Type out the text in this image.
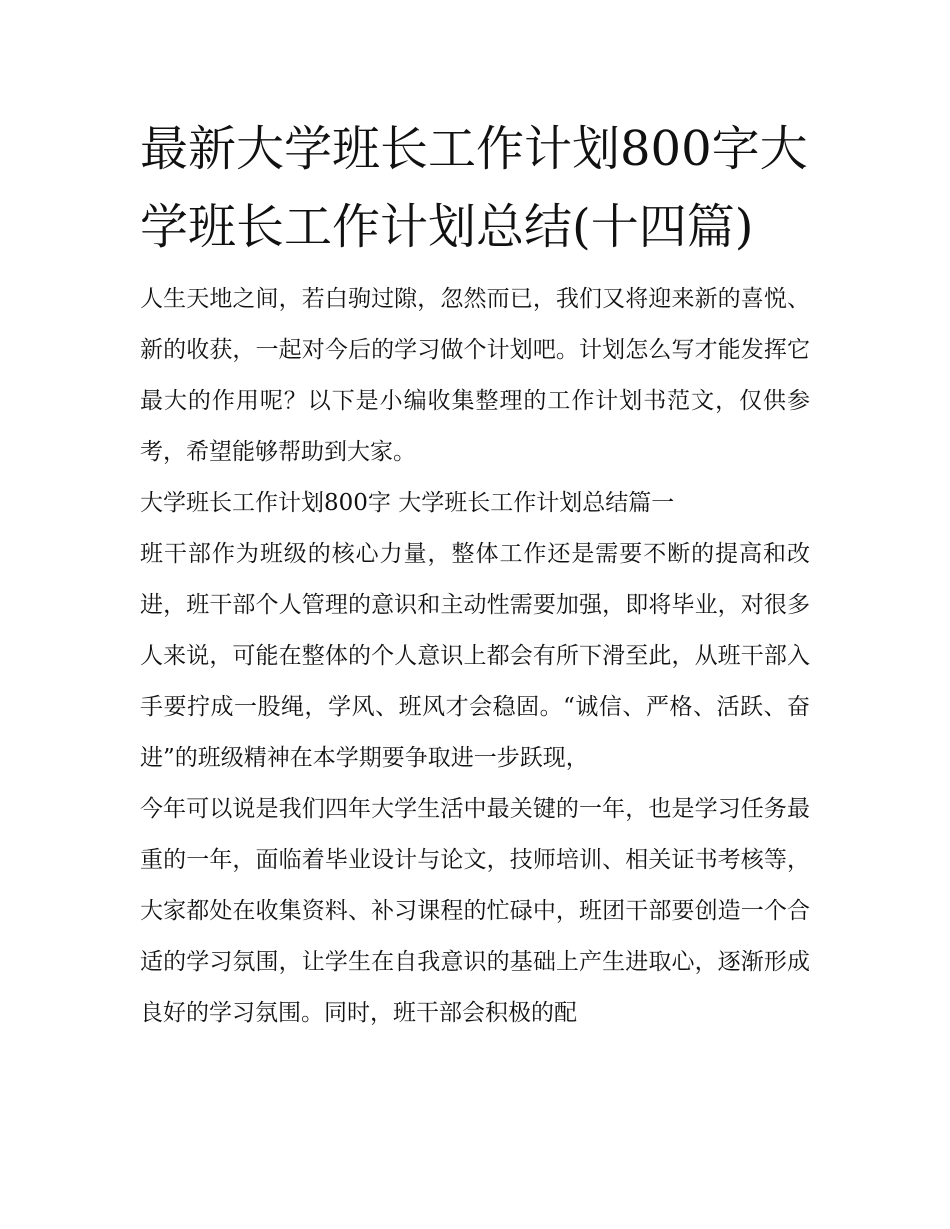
最新大学班长工作计划800字大学班长工作计划总结(十四篇)

人生天地之间，若白驹过隙，忽然而已，我们又将迎来新的喜悦、新的收获，一起对今后的学习做个计划吧。计划怎么写才能发挥它最大的作用呢？以下是小编收集整理的工作计划书范文，仅供参考，希望能够帮助到大家。

大学班长工作计划800字 大学班长工作计划总结篇一

班干部作为班级的核心力量，整体工作还是需要不断的提高和改进，班干部个人管理的意识和主动性需要加强，即将毕业，对很多人来说，可能在整体的个人意识上都会有所下滑至此，从班干部入手要拧成一股绳，学风、班风才会稳固。“诚信、严格、活跃、奋进”的班级精神在本学期要争取进一步跃现，

今年可以说是我们四年大学生活中最关键的一年，也是学习任务最重的一年，面临着毕业设计与论文，技师培训、相关证书考核等，大家都处在收集资料、补习课程的忙碌中，班团干部要创造一个合适的学习氛围，让学生在自我意识的基础上产生进取心，逐渐形成良好的学习氛围。同时，班干部会积极的配
